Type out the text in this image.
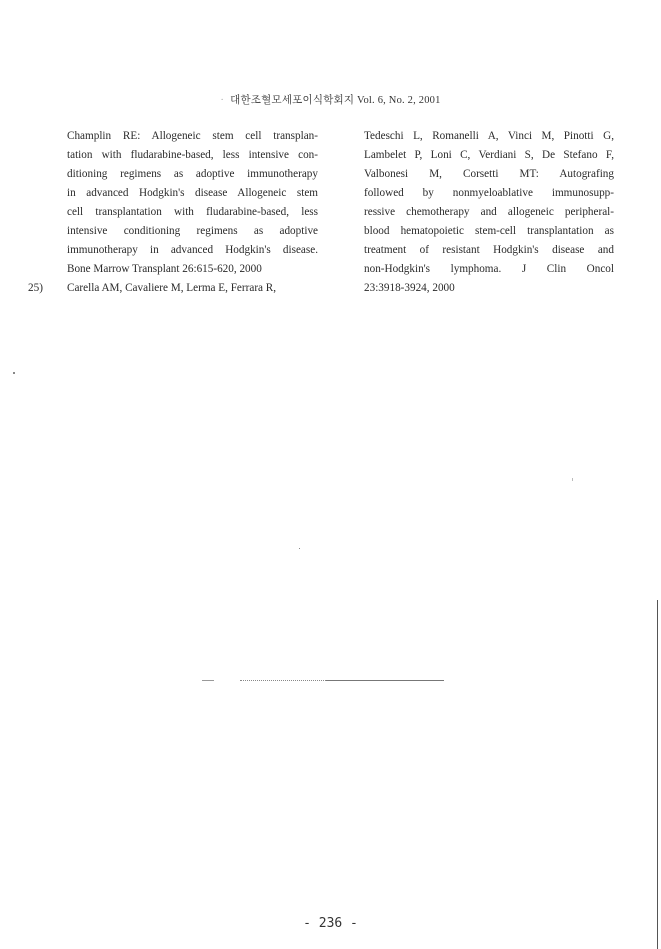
· 대한조혈모세포이식학회지 Vol. 6, No. 2, 2001
Champlin RE: Allogeneic stem cell transplan-
tation with fludarabine-based, less intensive con-
ditioning regimens as adoptive immunotherapy
in advanced Hodgkin's disease Allogeneic stem
cell transplantation with fludarabine-based, less
intensive conditioning regimens as adoptive
immunotherapy in advanced Hodgkin's disease.
Bone Marrow Transplant 26:615-620, 2000
25) Carella AM, Cavaliere M, Lerma E, Ferrara R,
Tedeschi L, Romanelli A, Vinci M, Pinotti G,
Lambelet P, Loni C, Verdiani S, De Stefano F,
Valbonesi M, Corsetti MT: Autografing
followed by nonmyeloablative immunosupp-
ressive chemotherapy and allogeneic peripheral-
blood hematopoietic stem-cell transplantation as
treatment of resistant Hodgkin's disease and
non-Hodgkin's lymphoma. J Clin Oncol
23:3918-3924, 2000
- 236 -
